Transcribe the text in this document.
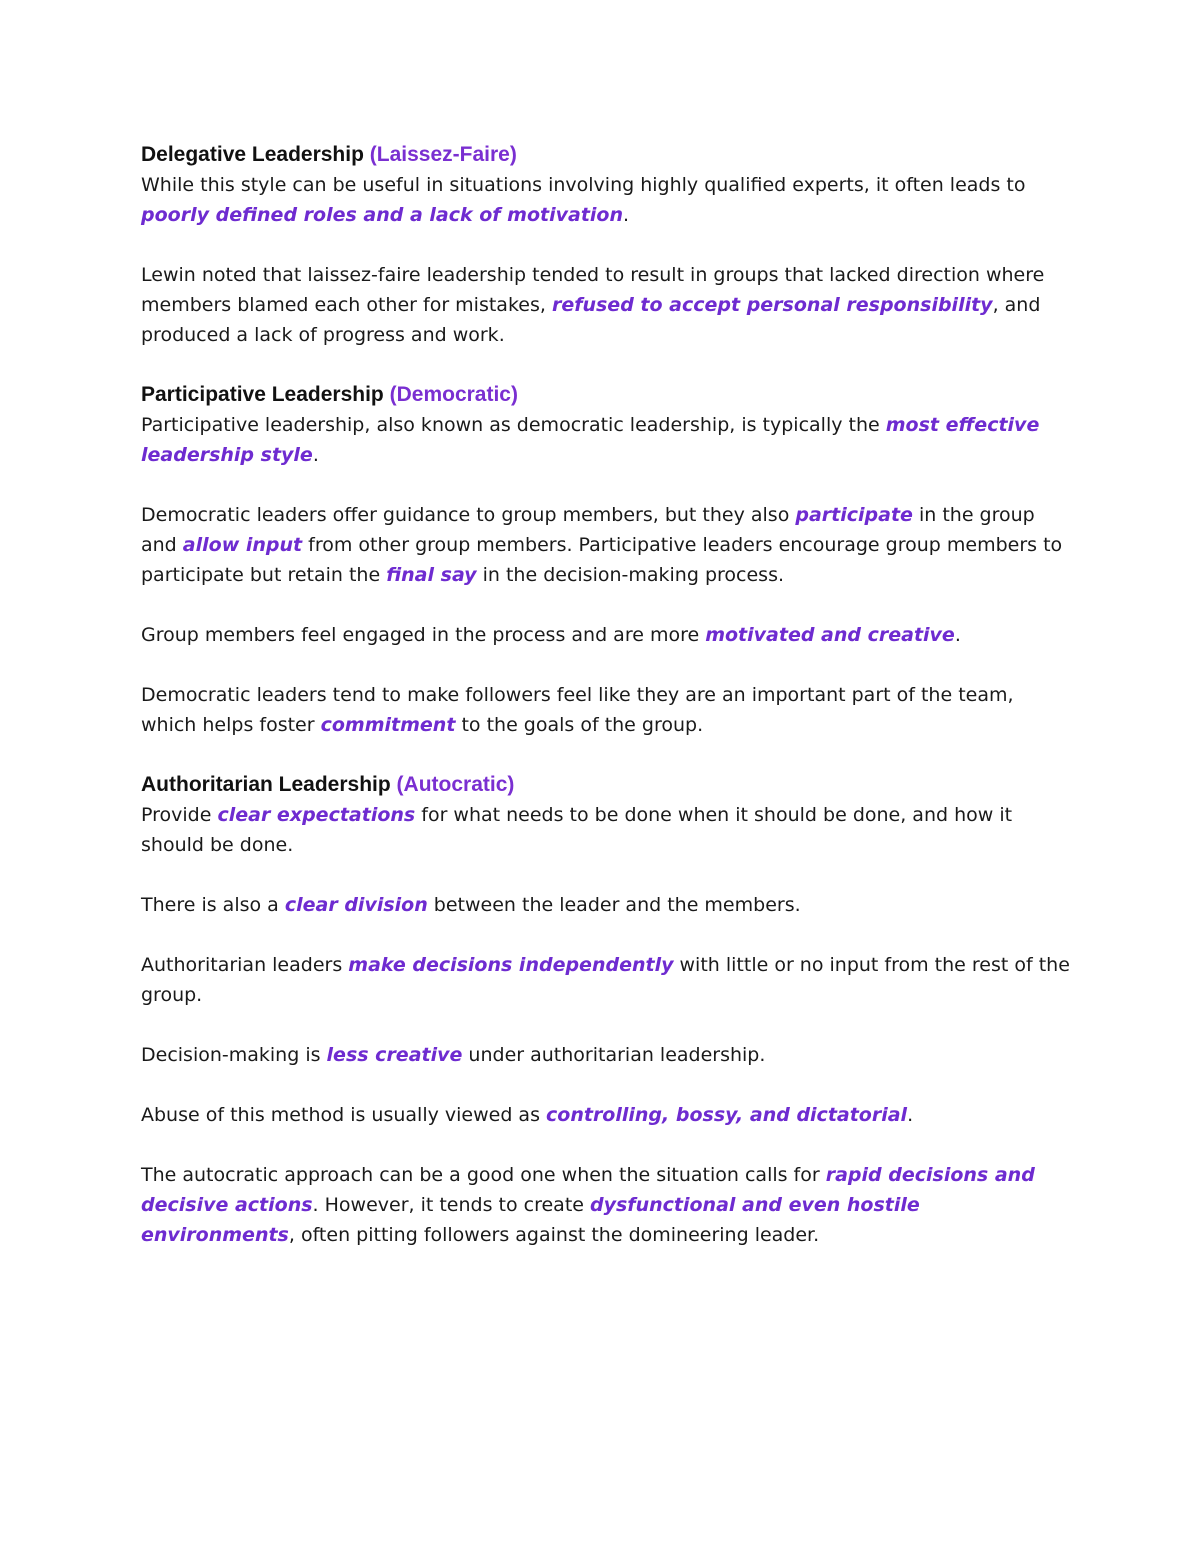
Delegative Leadership (Laissez-Faire)

While this style can be useful in situations involving highly qualified experts, it often leads to poorly defined roles and a lack of motivation.

Lewin noted that laissez-faire leadership tended to result in groups that lacked direction where members blamed each other for mistakes, refused to accept personal responsibility, and produced a lack of progress and work.

Participative Leadership (Democratic)

Participative leadership, also known as democratic leadership, is typically the most effective leadership style.

Democratic leaders offer guidance to group members, but they also participate in the group and allow input from other group members. Participative leaders encourage group members to participate but retain the final say in the decision-making process.

Group members feel engaged in the process and are more motivated and creative.

Democratic leaders tend to make followers feel like they are an important part of the team, which helps foster commitment to the goals of the group.

Authoritarian Leadership (Autocratic)

Provide clear expectations for what needs to be done when it should be done, and how it should be done.

There is also a clear division between the leader and the members.

Authoritarian leaders make decisions independently with little or no input from the rest of the group.

Decision-making is less creative under authoritarian leadership.

Abuse of this method is usually viewed as controlling, bossy, and dictatorial.

The autocratic approach can be a good one when the situation calls for rapid decisions and decisive actions. However, it tends to create dysfunctional and even hostile environments, often pitting followers against the domineering leader.
